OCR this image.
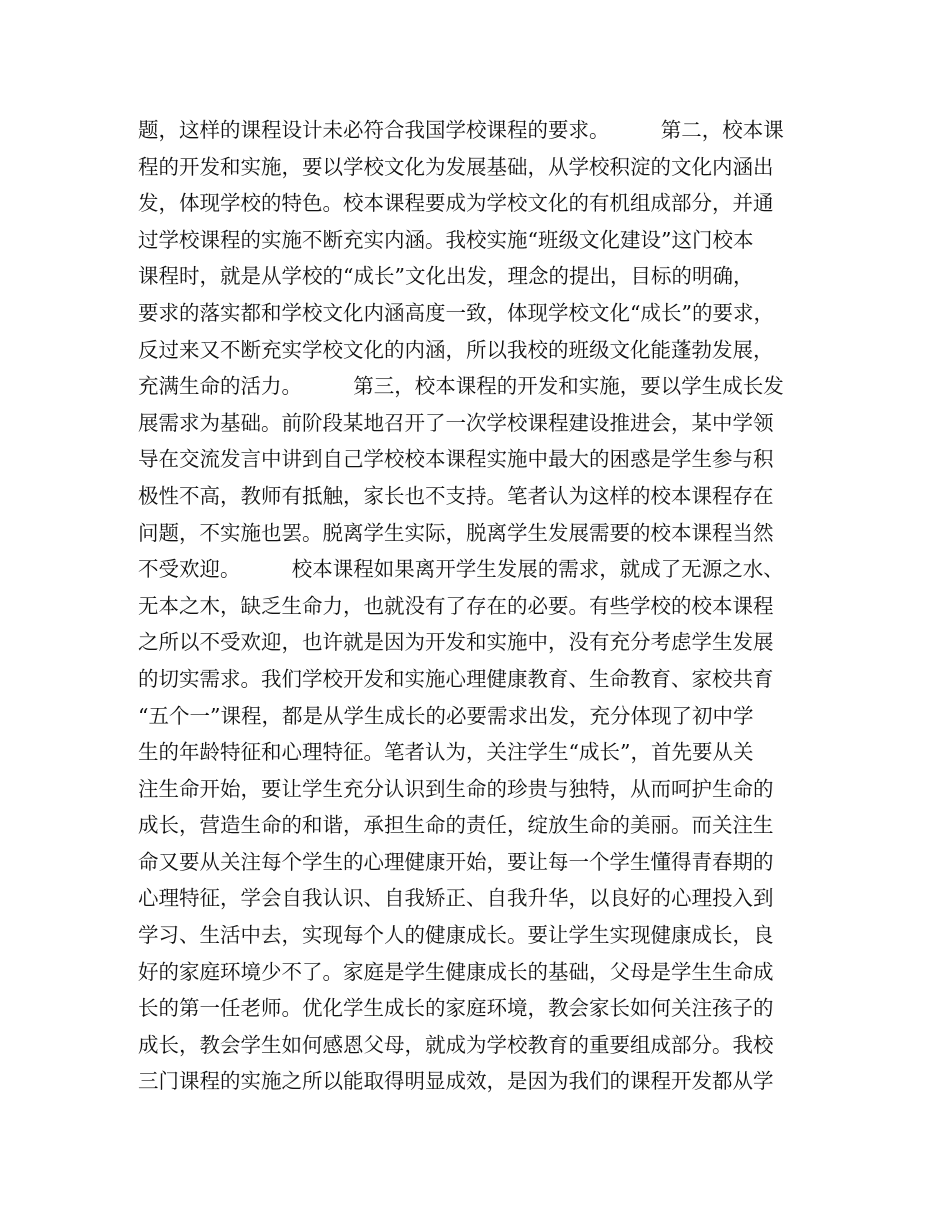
题，这样的课程设计未必符合我国学校课程的要求。　　　第二，校本课
程的开发和实施，要以学校文化为发展基础，从学校积淀的文化内涵出
发，体现学校的特色。校本课程要成为学校文化的有机组成部分，并通
过学校课程的实施不断充实内涵。我校实施“班级文化建设”这门校本
课程时，就是从学校的“成长”文化出发，理念的提出，目标的明确，
要求的落实都和学校文化内涵高度一致，体现学校文化“成长”的要求，
反过来又不断充实学校文化的内涵，所以我校的班级文化能蓬勃发展，
充满生命的活力。　　　第三，校本课程的开发和实施，要以学生成长发
展需求为基础。前阶段某地召开了一次学校课程建设推进会，某中学领
导在交流发言中讲到自己学校校本课程实施中最大的困惑是学生参与积
极性不高，教师有抵触，家长也不支持。笔者认为这样的校本课程存在
问题，不实施也罢。脱离学生实际，脱离学生发展需要的校本课程当然
不受欢迎。　　　校本课程如果离开学生发展的需求，就成了无源之水、
无本之木，缺乏生命力，也就没有了存在的必要。有些学校的校本课程
之所以不受欢迎，也许就是因为开发和实施中，没有充分考虑学生发展
的切实需求。我们学校开发和实施心理健康教育、生命教育、家校共育
“五个一”课程，都是从学生成长的必要需求出发，充分体现了初中学
生的年龄特征和心理特征。笔者认为，关注学生“成长”，首先要从关
注生命开始，要让学生充分认识到生命的珍贵与独特，从而呵护生命的
成长，营造生命的和谐，承担生命的责任，绽放生命的美丽。而关注生
命又要从关注每个学生的心理健康开始，要让每一个学生懂得青春期的
心理特征，学会自我认识、自我矫正、自我升华，以良好的心理投入到
学习、生活中去，实现每个人的健康成长。要让学生实现健康成长，良
好的家庭环境少不了。家庭是学生健康成长的基础，父母是学生生命成
长的第一任老师。优化学生成长的家庭环境，教会家长如何关注孩子的
成长，教会学生如何感恩父母，就成为学校教育的重要组成部分。我校
三门课程的实施之所以能取得明显成效，是因为我们的课程开发都从学
